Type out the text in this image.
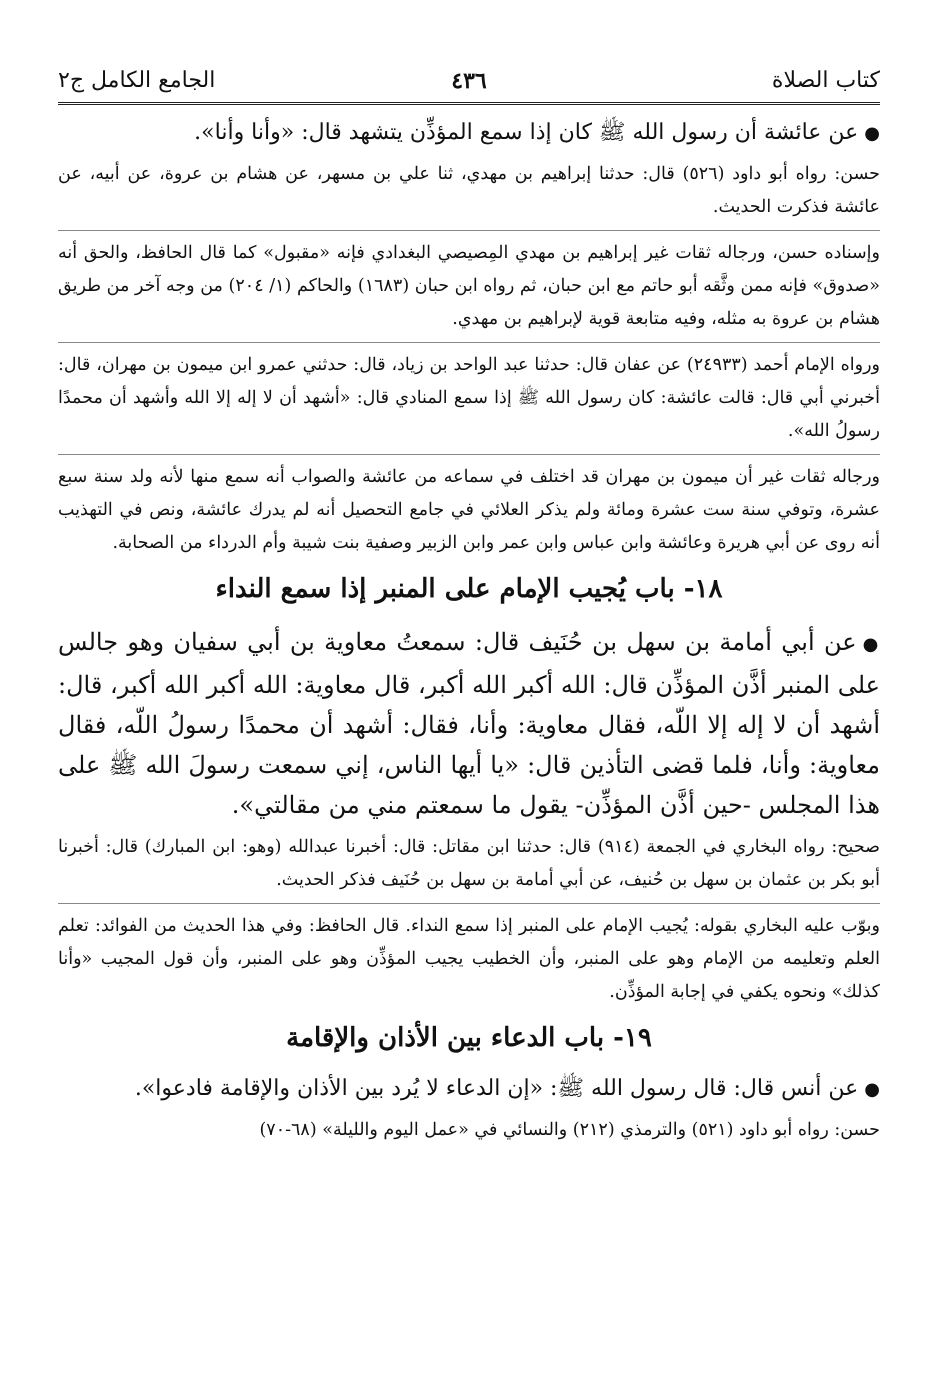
كتاب الصلاة
٤٣٦
الجامع الكامل ج٢
●عن عائشة أن رسول الله ﷺ كان إذا سمع المؤذِّن يتشهد قال: «وأنا وأنا».
حسن: رواه أبو داود (٥٢٦) قال: حدثنا إبراهيم بن مهدي، ثنا علي بن مسهر، عن هشام بن عروة، عن أبيه، عن عائشة فذكرت الحديث.
وإسناده حسن، ورجاله ثقات غير إبراهيم بن مهدي المِصيصي البغدادي فإنه «مقبول» كما قال الحافظ، والحق أنه «صدوق» فإنه ممن وثَّقه أبو حاتم مع ابن حبان، ثم رواه ابن حبان (١٦٨٣) والحاكم (١/ ٢٠٤) من وجه آخر من طريق هشام بن عروة به مثله، وفيه متابعة قوية لإبراهيم بن مهدي.
ورواه الإمام أحمد (٢٤٩٣٣) عن عفان قال: حدثنا عبد الواحد بن زياد، قال: حدثني عمرو ابن ميمون بن مهران، قال: أخبرني أبي قال: قالت عائشة: كان رسول الله ﷺ إذا سمع المنادي قال: «أشهد أن لا إله إلا الله وأشهد أن محمدًا رسولُ الله».
ورجاله ثقات غير أن ميمون بن مهران قد اختلف في سماعه من عائشة والصواب أنه سمع منها لأنه ولد سنة سبع عشرة، وتوفي سنة ست عشرة ومائة ولم يذكر العلائي في جامع التحصيل أنه لم يدرك عائشة، ونص في التهذيب أنه روى عن أبي هريرة وعائشة وابن عباس وابن عمر وابن الزبير وصفية بنت شيبة وأم الدرداء من الصحابة.
١٨- باب يُجيب الإمام على المنبر إذا سمع النداء
●عن أبي أمامة بن سهل بن حُنَيف قال: سمعتُ معاوية بن أبي سفيان وهو جالس على المنبر أذَّن المؤذِّن قال: الله أكبر الله أكبر، قال معاوية: الله أكبر الله أكبر، قال: أشهد أن لا إله إلا اللّه، فقال معاوية: وأنا، فقال: أشهد أن محمدًا رسولُ اللّه، فقال معاوية: وأنا، فلما قضى التأذين قال: «يا أيها الناس، إني سمعت رسولَ الله ﷺ على هذا المجلس -حين أذَّن المؤذِّن- يقول ما سمعتم مني من مقالتي».
صحيح: رواه البخاري في الجمعة (٩١٤) قال: حدثنا ابن مقاتل: قال: أخبرنا عبدالله (وهو: ابن المبارك) قال: أخبرنا أبو بكر بن عثمان بن سهل بن حُنيف، عن أبي أمامة بن سهل بن حُنَيف فذكر الحديث.
وبوّب عليه البخاري بقوله: يُجيب الإمام على المنبر إذا سمع النداء. قال الحافظ: وفي هذا الحديث من الفوائد: تعلم العلم وتعليمه من الإمام وهو على المنبر، وأن الخطيب يجيب المؤذِّن وهو على المنبر، وأن قول المجيب «وأنا كذلك» ونحوه يكفي في إجابة المؤذِّن.
١٩- باب الدعاء بين الأذان والإقامة
●عن أنس قال: قال رسول الله ﷺ: «إن الدعاء لا يُرد بين الأذان والإقامة فادعوا».
حسن: رواه أبو داود (٥٢١) والترمذي (٢١٢) والنسائي في «عمل اليوم والليلة» (٦٨-٧٠)
